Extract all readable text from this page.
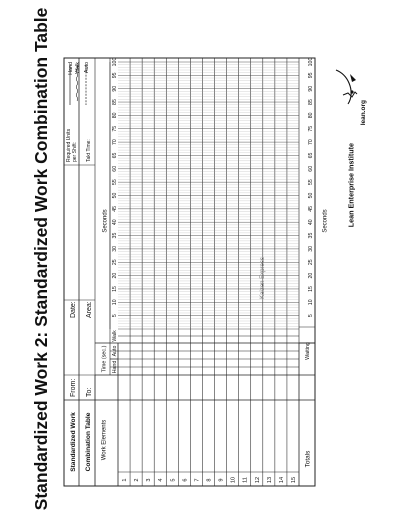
Standardized Work 2: Standardized Work Combination Table	Standardized Work Combination Table
From: To:
Date: Area:
Required Units per Shift: Takt Time:
Hand Walk Auto
Work Elements
Time (sec.) Hand
Auto
Walk
Seconds
5
10
15
20
25
30
35
40
45
50
55
60
65
70
75
80
85
90
95
100
1 2 3 4 5 6 7 8 9 10 11 12 13 14 15
Totals
Waiting
5
10
15
20
25
30
35
40
45
50
55
60
65
70
75
80
85
90
95
100
Seconds
Kaizen Express
lean.org
Lean Enterprise Institute
